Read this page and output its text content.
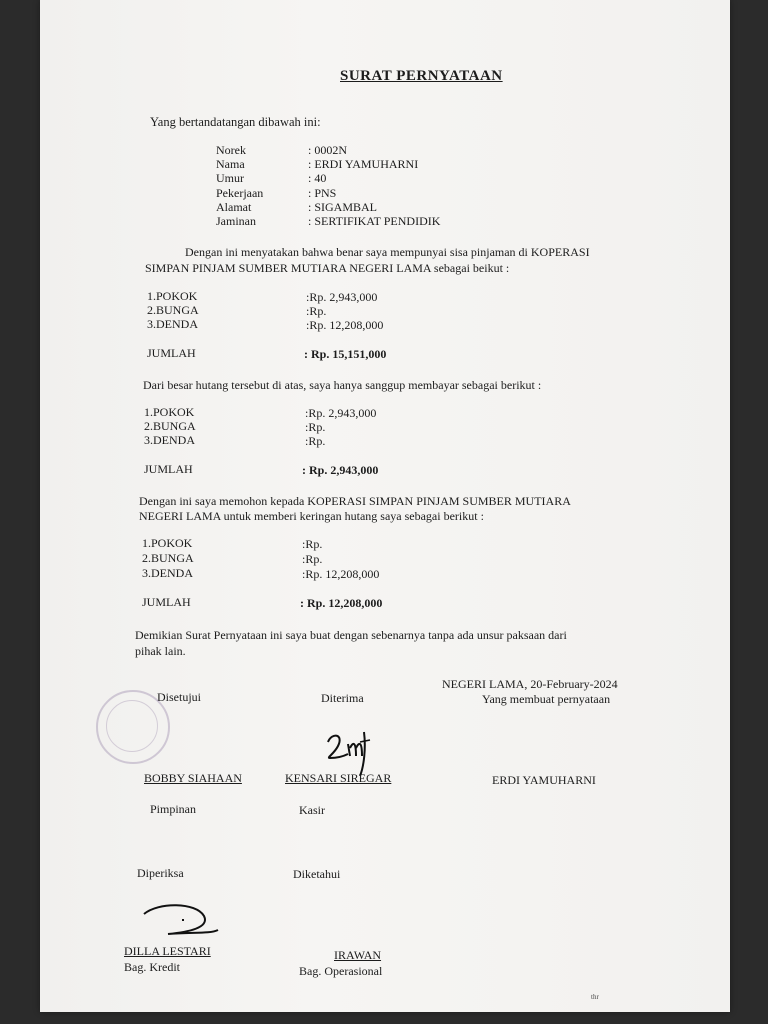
SURAT PERNYATAAN
Yang bertandatangan dibawah ini:
Norek	: 0002N
Nama	: ERDI YAMUHARNI
Umur	: 40
Pekerjaan	: PNS
Alamat	: SIGAMBAL
Jaminan	: SERTIFIKAT PENDIDIK
Dengan ini menyatakan bahwa benar saya mempunyai sisa pinjaman di KOPERASI
SIMPAN PINJAM SUMBER MUTIARA NEGERI LAMA sebagai beikut :
1.POKOK	:Rp. 2,943,000
2.BUNGA	:Rp.
3.DENDA	:Rp. 12,208,000
JUMLAH	: Rp. 15,151,000
Dari besar hutang tersebut di atas, saya hanya sanggup membayar sebagai berikut :
1.POKOK	:Rp. 2,943,000
2.BUNGA	:Rp.
3.DENDA	:Rp.
JUMLAH	: Rp. 2,943,000
Dengan ini saya memohon kepada KOPERASI SIMPAN PINJAM SUMBER MUTIARA
NEGERI LAMA untuk memberi keringan hutang saya sebagai berikut :
1.POKOK	:Rp.
2.BUNGA	:Rp.
3.DENDA	:Rp. 12,208,000
JUMLAH	: Rp. 12,208,000
Demikian Surat Pernyataan ini saya buat dengan sebenarnya tanpa ada unsur paksaan dari
pihak lain.
NEGERI LAMA, 20-February-2024
Yang membuat pernyataan
Disetujui	Diterima
BOBBY SIAHAAN	KENSARI SIREGAR	ERDI YAMUHARNI
Pimpinan	Kasir
Diperiksa	Diketahui
DILLA LESTARI
Bag. Kredit
IRAWAN
Bag. Operasional
thr
